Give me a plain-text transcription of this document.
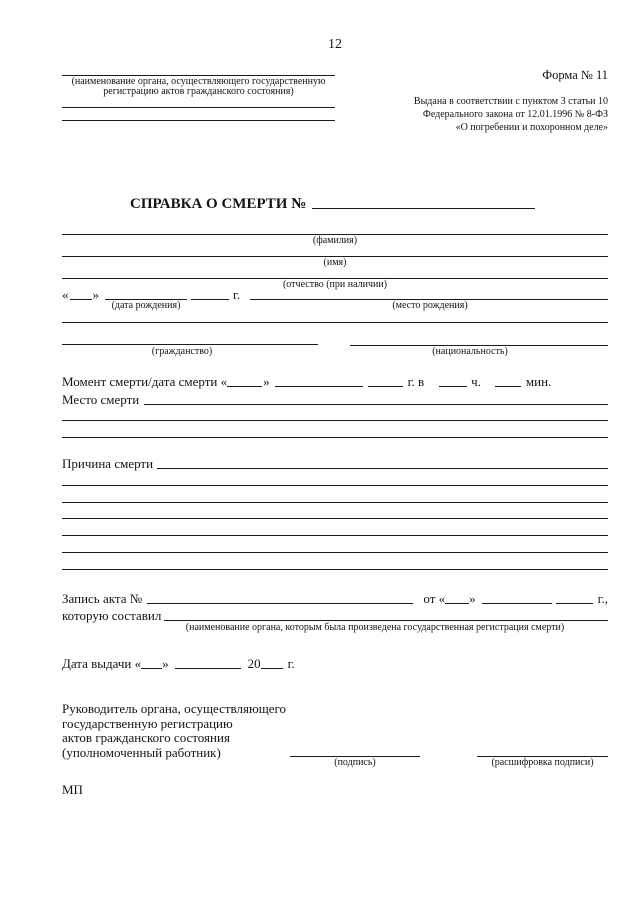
12
(наименование органа, осуществляющего государственную
регистрацию актов гражданского состояния)
Форма № 11
Выдана в соответствии с пунктом 3 статьи 10
Федерального закона от 12.01.1996 № 8-ФЗ
«О погребении и похоронном деле»
СПРАВКА О СМЕРТИ №
(фамилия)
(имя)
(отчество (при наличии)
« »	г.
(дата рождения)	(место рождения)
(гражданство)	(национальность)
Момент смерти/дата смерти «	»	г. в	ч.	мин.
Место смерти
Причина смерти
Запись акта №	от « »	г.,
которую составил
(наименование органа, которым была произведена государственная регистрация смерти)
Дата выдачи « »	20 г.
Руководитель органа, осуществляющего
государственную регистрацию
актов гражданского состояния
(уполномоченный работник)
(подпись)	(расшифровка подписи)
МП
